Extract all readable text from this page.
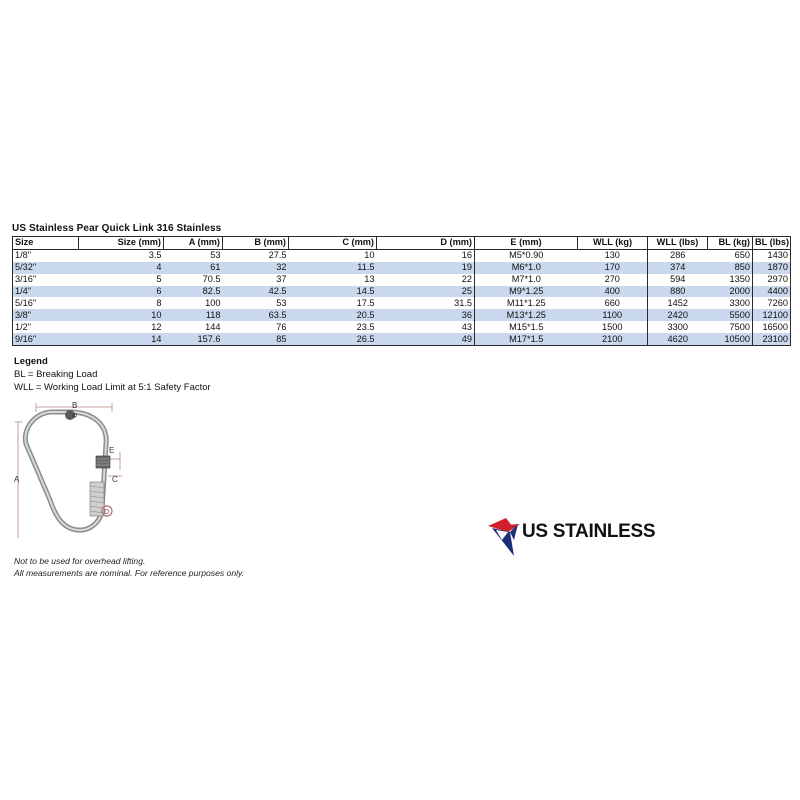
US Stainless Pear Quick Link 316 Stainless
Size	Size (mm)	A (mm)	B (mm)	C (mm)	D (mm)	E (mm)	WLL (kg)	WLL (lbs)	BL (kg)	BL (lbs)
1/8"	3.5	53	27.5	10	16	M5*0.90	130	286	650	1430
5/32"	4	61	32	11.5	19	M6*1.0	170	374	850	1870
3/16"	5	70.5	37	13	22	M7*1.0	270	594	1350	2970
1/4"	6	82.5	42.5	14.5	25	M9*1.25	400	880	2000	4400
5/16"	8	100	53	17.5	31.5	M11*1.25	660	1452	3300	7260
3/8"	10	118	63.5	20.5	36	M13*1.25	1100	2420	5500	12100
1/2"	12	144	76	23.5	43	M15*1.5	1500	3300	7500	16500
9/16"	14	157.6	85	26.5	49	M17*1.5	2100	4620	10500	23100
Legend
BL = Breaking Load
WLL = Working Load Limit at 5:1 Safety Factor
B
Φ
A
E
C
D
Not to be used for overhead lifting.
All measurements are nominal. For reference purposes only.
US STAINLESS
